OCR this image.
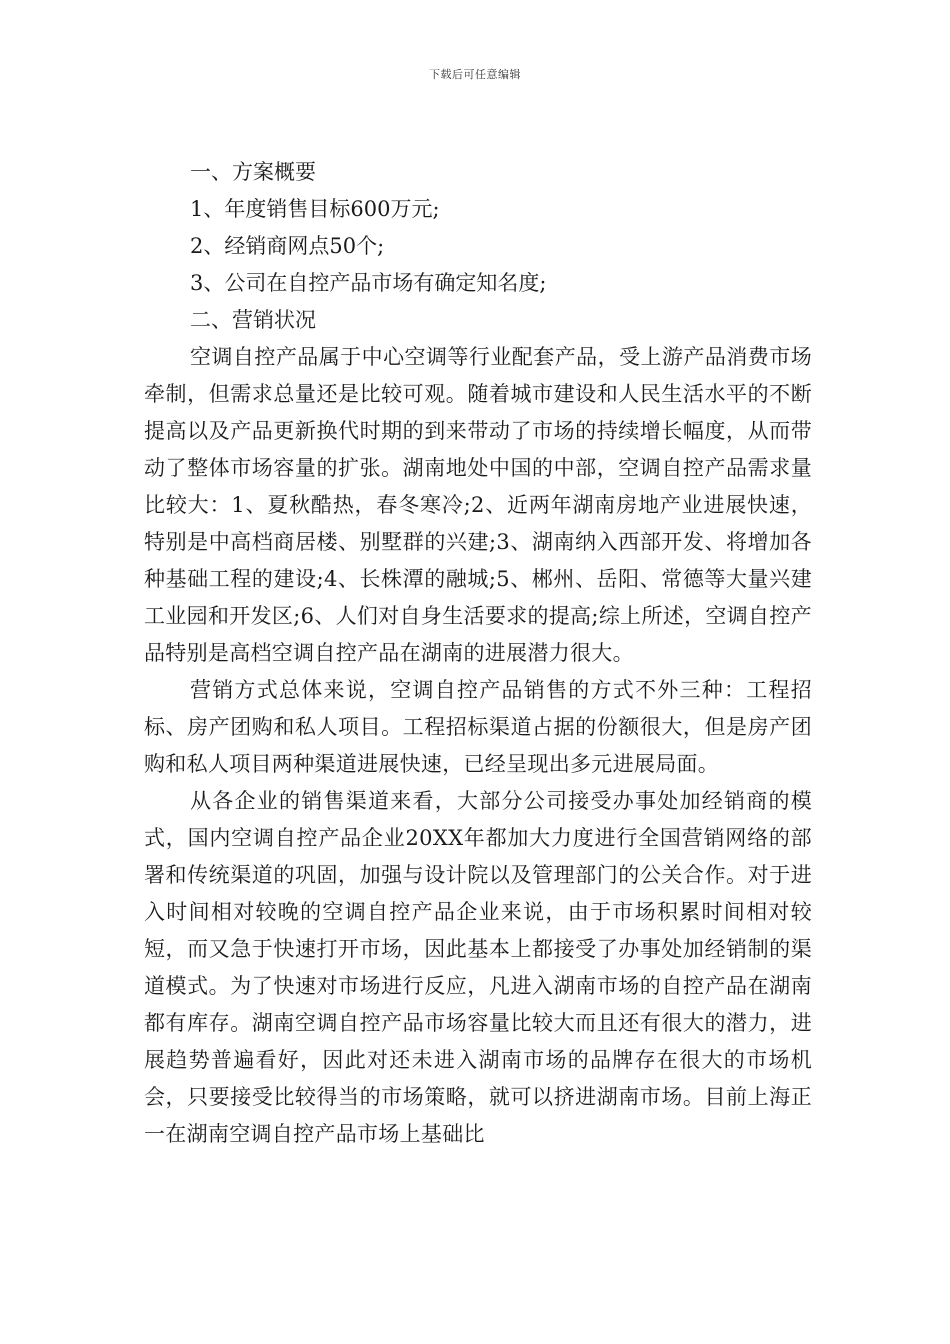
下载后可任意编辑

一、方案概要

1、年度销售目标600万元;

2、经销商网点50个;

3、公司在自控产品市场有确定知名度;

二、营销状况

空调自控产品属于中心空调等行业配套产品，受上游产品消费市场牵制，但需求总量还是比较可观。随着城市建设和人民生活水平的不断提高以及产品更新换代时期的到来带动了市场的持续增长幅度，从而带动了整体市场容量的扩张。湖南地处中国的中部，空调自控产品需求量比较大：1、夏秋酷热，春冬寒冷;2、近两年湖南房地产业进展快速，特别是中高档商居楼、别墅群的兴建;3、湖南纳入西部开发、将增加各种基础工程的建设;4、长株潭的融城;5、郴州、岳阳、常德等大量兴建工业园和开发区;6、人们对自身生活要求的提高;综上所述，空调自控产品特别是高档空调自控产品在湖南的进展潜力很大。

营销方式总体来说，空调自控产品销售的方式不外三种：工程招标、房产团购和私人项目。工程招标渠道占据的份额很大，但是房产团购和私人项目两种渠道进展快速，已经呈现出多元进展局面。

从各企业的销售渠道来看，大部分公司接受办事处加经销商的模式，国内空调自控产品企业20XX年都加大力度进行全国营销网络的部署和传统渠道的巩固，加强与设计院以及管理部门的公关合作。对于进入时间相对较晚的空调自控产品企业来说，由于市场积累时间相对较短，而又急于快速打开市场，因此基本上都接受了办事处加经销制的渠道模式。为了快速对市场进行反应，凡进入湖南市场的自控产品在湖南都有库存。湖南空调自控产品市场容量比较大而且还有很大的潜力，进展趋势普遍看好，因此对还未进入湖南市场的品牌存在很大的市场机会，只要接受比较得当的市场策略，就可以挤进湖南市场。目前上海正一在湖南空调自控产品市场上基础比
